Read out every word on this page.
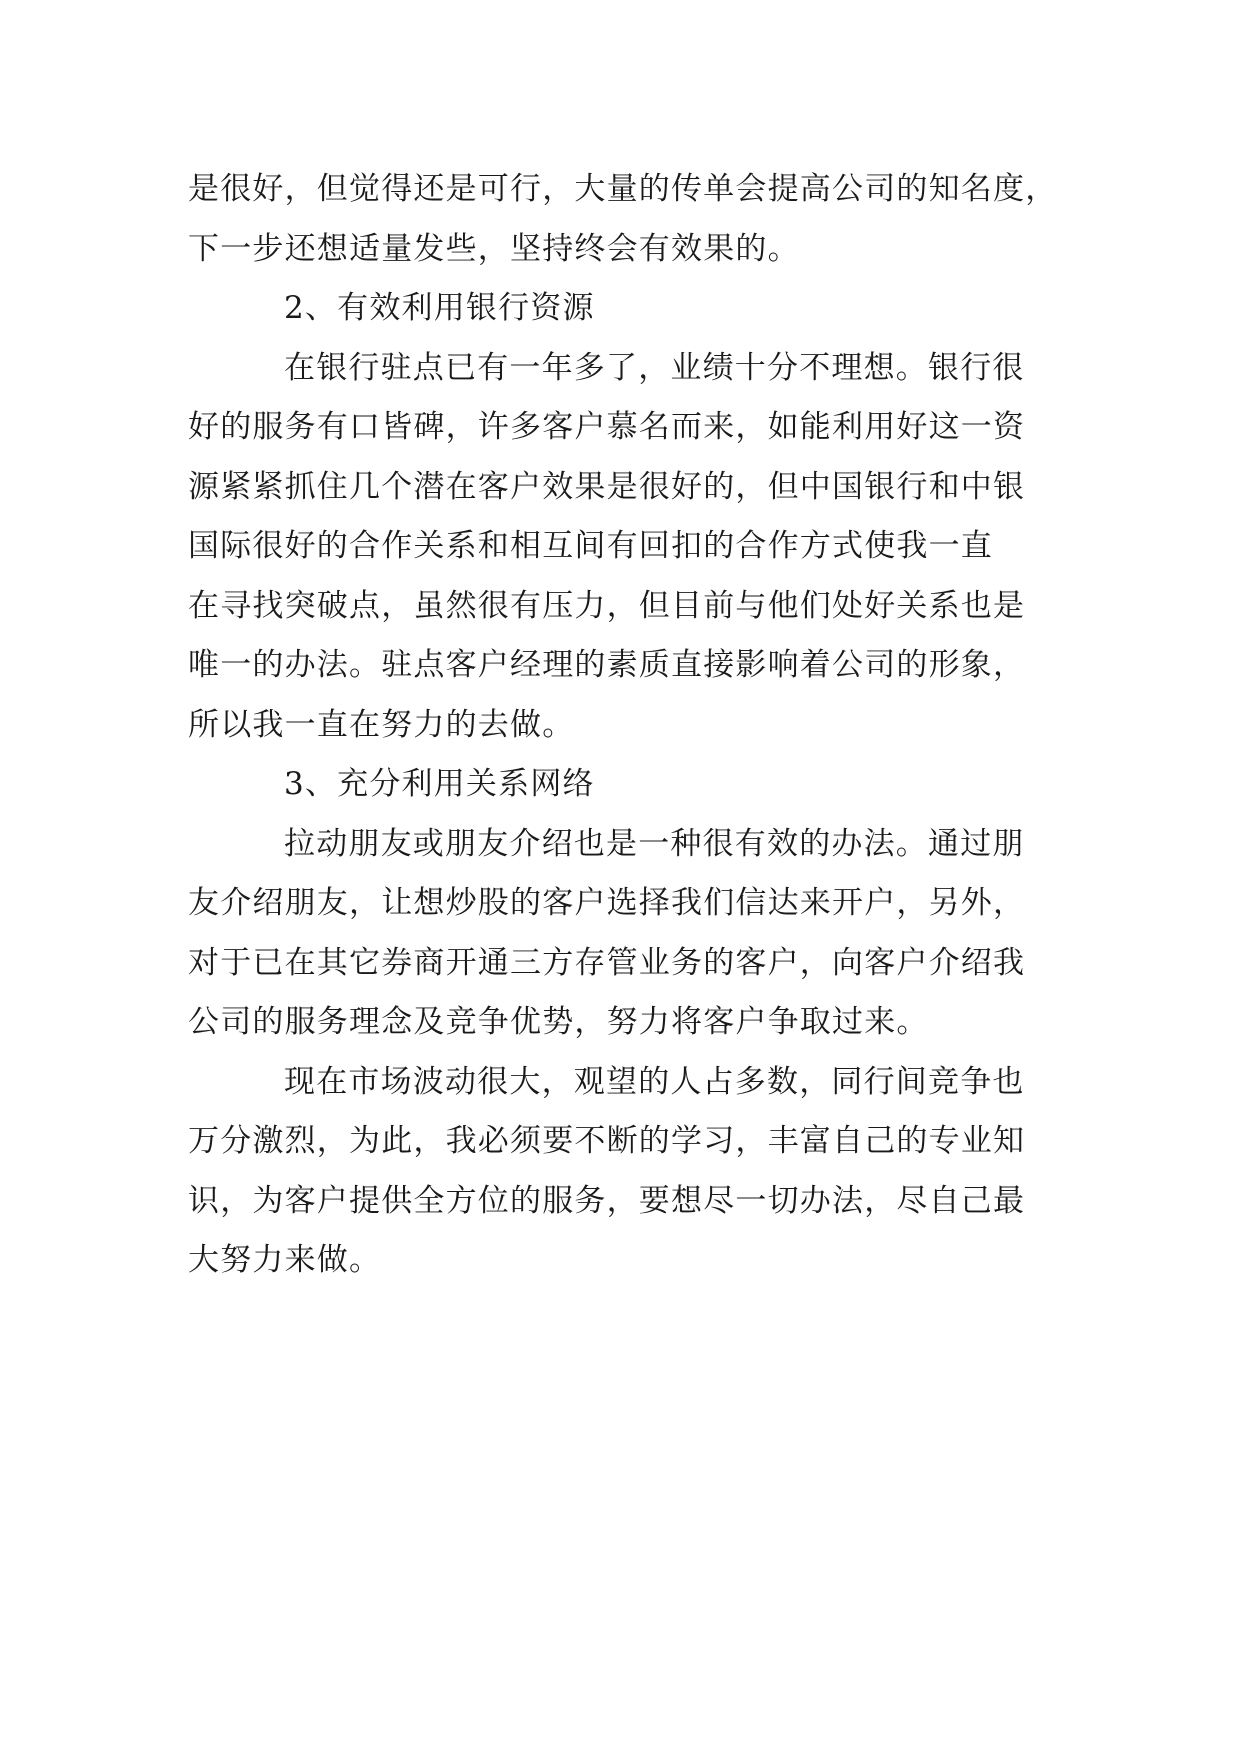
是很好，但觉得还是可行，大量的传单会提高公司的知名度，
下一步还想适量发些，坚持终会有效果的。
2、有效利用银行资源
在银行驻点已有一年多了，业绩十分不理想。银行很
好的服务有口皆碑，许多客户慕名而来，如能利用好这一资
源紧紧抓住几个潜在客户效果是很好的，但中国银行和中银
国际很好的合作关系和相互间有回扣的合作方式使我一直
在寻找突破点，虽然很有压力，但目前与他们处好关系也是
唯一的办法。驻点客户经理的素质直接影响着公司的形象，
所以我一直在努力的去做。
3、充分利用关系网络
拉动朋友或朋友介绍也是一种很有效的办法。通过朋
友介绍朋友，让想炒股的客户选择我们信达来开户，另外，
对于已在其它券商开通三方存管业务的客户，向客户介绍我
公司的服务理念及竞争优势，努力将客户争取过来。
现在市场波动很大，观望的人占多数，同行间竞争也
万分激烈，为此，我必须要不断的学习，丰富自己的专业知
识，为客户提供全方位的服务，要想尽一切办法，尽自己最
大努力来做。
